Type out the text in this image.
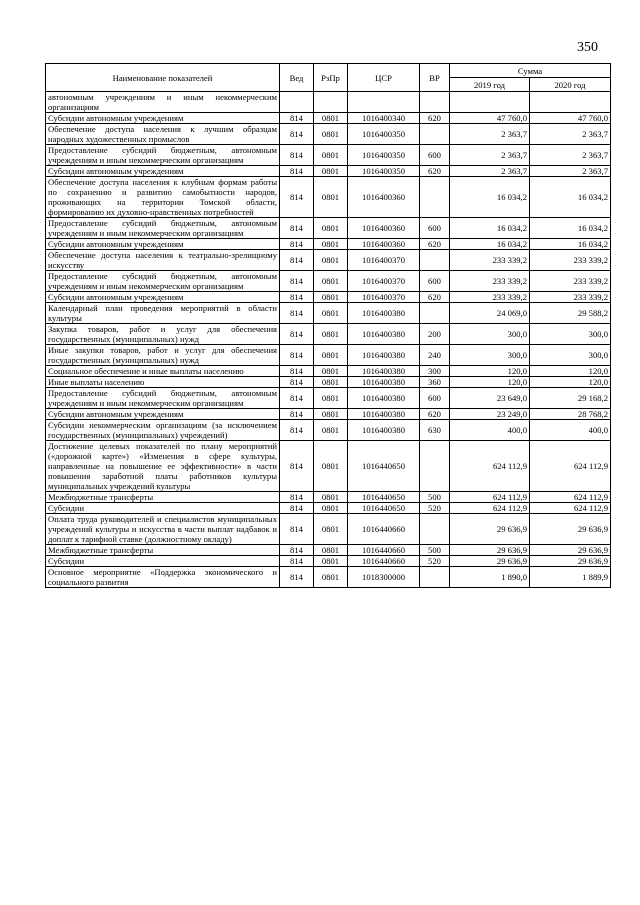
350
Наименование показателей	Вед	РзПр	ЦСР	ВР	Сумма	
					2019 год	2020 год
автономным учреждениям и иным некоммерческим организациям						
Субсидии автономным учреждениям	814	0801	1016400340	620	47 760,0	47 760,0
Обеспечение доступа населения к лучшим образцам народных художественных промыслов	814	0801	1016400350		2 363,7	2 363,7
Предоставление субсидий бюджетным, автономным учреждениям и иным некоммерческим организациям	814	0801	1016400350	600	2 363,7	2 363,7
Субсидии автономным учреждениям	814	0801	1016400350	620	2 363,7	2 363,7
Обеспечение доступа населения к клубным формам работы по сохранению и развитию самобытности народов, проживающих на территории Томской области, формированию их духовно-нравственных потребностей	814	0801	1016400360		16 034,2	16 034,2
Предоставление субсидий бюджетным, автономным учреждениям и иным некоммерческим организациям	814	0801	1016400360	600	16 034,2	16 034,2
Субсидии автономным учреждениям	814	0801	1016400360	620	16 034,2	16 034,2
Обеспечение доступа населения к театрально-зрелищному искусству	814	0801	1016400370		233 339,2	233 339,2
Предоставление субсидий бюджетным, автономным учреждениям и иным некоммерческим организациям	814	0801	1016400370	600	233 339,2	233 339,2
Субсидии автономным учреждениям	814	0801	1016400370	620	233 339,2	233 339,2
Календарный план проведения мероприятий в области культуры	814	0801	1016400380		24 069,0	29 588,2
Закупка товаров, работ и услуг для обеспечения государственных (муниципальных) нужд	814	0801	1016400380	200	300,0	300,0
Иные закупки товаров, работ и услуг для обеспечения государственных (муниципальных) нужд	814	0801	1016400380	240	300,0	300,0
Социальное обеспечение и иные выплаты населению	814	0801	1016400380	300	120,0	120,0
Иные выплаты населению	814	0801	1016400380	360	120,0	120,0
Предоставление субсидий бюджетным, автономным учреждениям и иным некоммерческим организациям	814	0801	1016400380	600	23 649,0	29 168,2
Субсидии автономным учреждениям	814	0801	1016400380	620	23 249,0	28 768,2
Субсидии некоммерческим организациям (за исключением государственных (муниципальных) учреждений)	814	0801	1016400380	630	400,0	400,0
Достижение целевых показателей по плану мероприятий («дорожной карте») «Изменения в сфере культуры, направленные на повышение ее эффективности» в части повышения заработной платы работников культуры муниципальных учреждений культуры	814	0801	1016440650		624 112,9	624 112,9
Межбюджетные трансферты	814	0801	1016440650	500	624 112,9	624 112,9
Субсидии	814	0801	1016440650	520	624 112,9	624 112,9
Оплата труда руководителей и специалистов муниципальных учреждений культуры и искусства в части выплат надбавок и доплат к тарифной ставке (должностному окладу)	814	0801	1016440660		29 636,9	29 636,9
Межбюджетные трансферты	814	0801	1016440660	500	29 636,9	29 636,9
Субсидии	814	0801	1016440660	520	29 636,9	29 636,9
Основное мероприятие «Поддержка экономического и социального развития	814	0801	1018300000		1 890,0	1 889,9
